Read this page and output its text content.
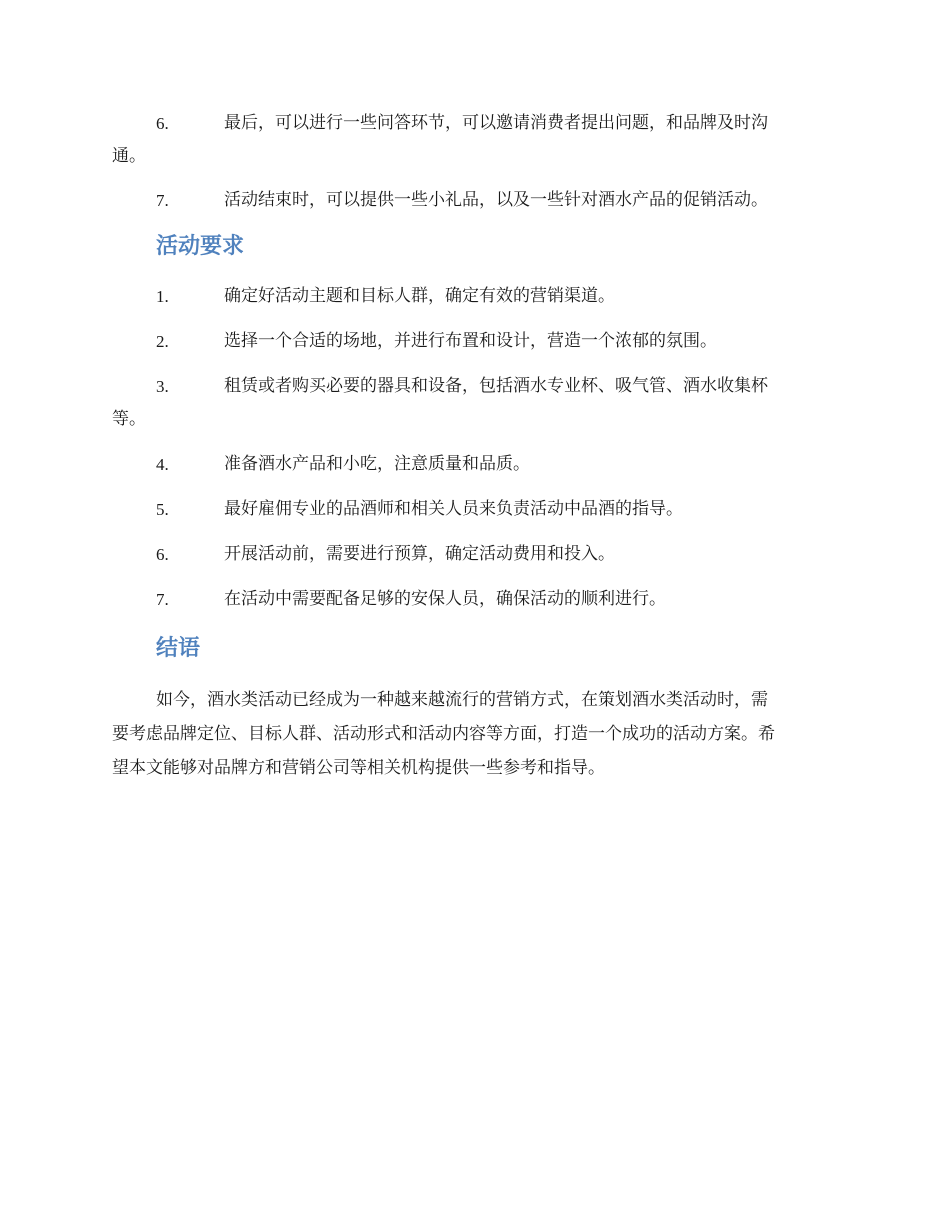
6.	最后，可以进行一些问答环节，可以邀请消费者提出问题，和品牌及时沟
通。
7.	活动结束时，可以提供一些小礼品，以及一些针对酒水产品的促销活动。
活动要求
1.	确定好活动主题和目标人群，确定有效的营销渠道。
2.	选择一个合适的场地，并进行布置和设计，营造一个浓郁的氛围。
3.	租赁或者购买必要的器具和设备，包括酒水专业杯、吸气管、酒水收集杯
等。
4.	准备酒水产品和小吃，注意质量和品质。
5.	最好雇佣专业的品酒师和相关人员来负责活动中品酒的指导。
6.	开展活动前，需要进行预算，确定活动费用和投入。
7.	在活动中需要配备足够的安保人员，确保活动的顺利进行。
结语
如今，酒水类活动已经成为一种越来越流行的营销方式，在策划酒水类活动时，需
要考虑品牌定位、目标人群、活动形式和活动内容等方面，打造一个成功的活动方案。希
望本文能够对品牌方和营销公司等相关机构提供一些参考和指导。
